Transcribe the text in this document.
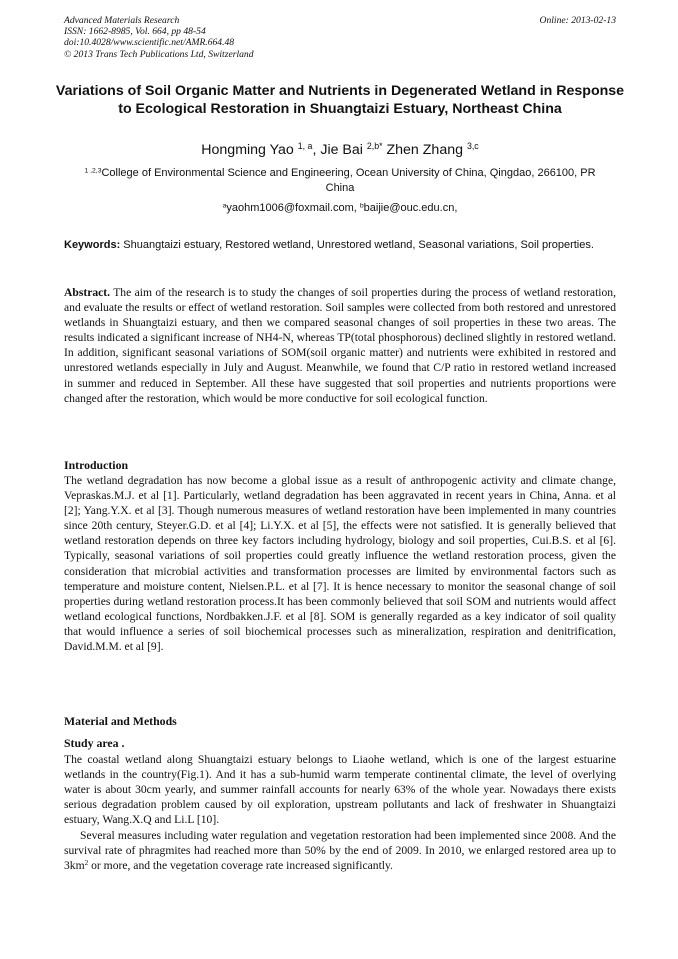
Advanced Materials Research
ISSN: 1662-8985, Vol. 664, pp 48-54
doi:10.4028/www.scientific.net/AMR.664.48
© 2013 Trans Tech Publications Ltd, Switzerland
Online: 2013-02-13
Variations of Soil Organic Matter and Nutrients in Degenerated Wetland in Response to Ecological Restoration in Shuangtaizi Estuary, Northeast China
Hongming Yao $^{1, a}$, Jie Bai $^{2,b*}$ Zhen Zhang $^{3,c}$
$^{1 ,2,3}$College of Environmental Science and Engineering, Ocean University of China, Qingdao, 266100, PR China
$^a$yaohm1006@foxmail.com, $^b$baijie@ouc.edu.cn,
Keywords: Shuangtaizi estuary, Restored wetland, Unrestored wetland, Seasonal variations, Soil properties.
Abstract. The aim of the research is to study the changes of soil properties during the process of wetland restoration, and evaluate the results or effect of wetland restoration. Soil samples were collected from both restored and unrestored wetlands in Shuangtaizi estuary, and then we compared seasonal changes of soil properties in these two areas. The results indicated a significant increase of NH4-N, whereas TP(total phosphorous) declined slightly in restored wetland. In addition, significant seasonal variations of SOM(soil organic matter) and nutrients were exhibited in restored and unrestored wetlands especially in July and August. Meanwhile, we found that C/P ratio in restored wetland increased in summer and reduced in September. All these have suggested that soil properties and nutrients proportions were changed after the restoration, which would be more conductive for soil ecological function.
Introduction

The wetland degradation has now become a global issue as a result of anthropogenic activity and climate change, Vepraskas.M.J. et al [1]. Particularly, wetland degradation has been aggravated in recent years in China, Anna. et al [2]; Yang.Y.X. et al [3]. Though numerous measures of wetland restoration have been implemented in many countries since 20th century, Steyer.G.D. et al [4]; Li.Y.X. et al [5], the effects were not satisfied. It is generally believed that wetland restoration depends on three key factors including hydrology, biology and soil properties, Cui.B.S. et al [6]. Typically, seasonal variations of soil properties could greatly influence the wetland restoration process, given the consideration that microbial activities and transformation processes are limited by environmental factors such as temperature and moisture content, Nielsen.P.L. et al [7]. It is hence necessary to monitor the seasonal change of soil properties during wetland restoration process.It has been commonly believed that soil SOM and nutrients would affect wetland ecological functions, Nordbakken.J.F. et al [8]. SOM is generally regarded as a key indicator of soil quality that would influence a series of soil biochemical processes such as mineralization, respiration and denitrification, David.M.M. et al [9].

Material and Methods
Study area .

The coastal wetland along Shuangtaizi estuary belongs to Liaohe wetland, which is one of the largest estuarine wetlands in the country(Fig.1). And it has a sub-humid warm temperate continental climate, the level of overlying water is about 30cm yearly, and summer rainfall accounts for nearly 63% of the whole year. Nowadays there exists serious degradation problem caused by oil exploration, upstream pollutants and lack of freshwater in Shuangtaizi estuary, Wang.X.Q and Li.L [10].

Several measures including water regulation and vegetation restoration had been implemented since 2008. And the survival rate of phragmites had reached more than 50% by the end of 2009. In 2010, we enlarged restored area up to $3km^2$ or more, and the vegetation coverage rate increased significantly.
